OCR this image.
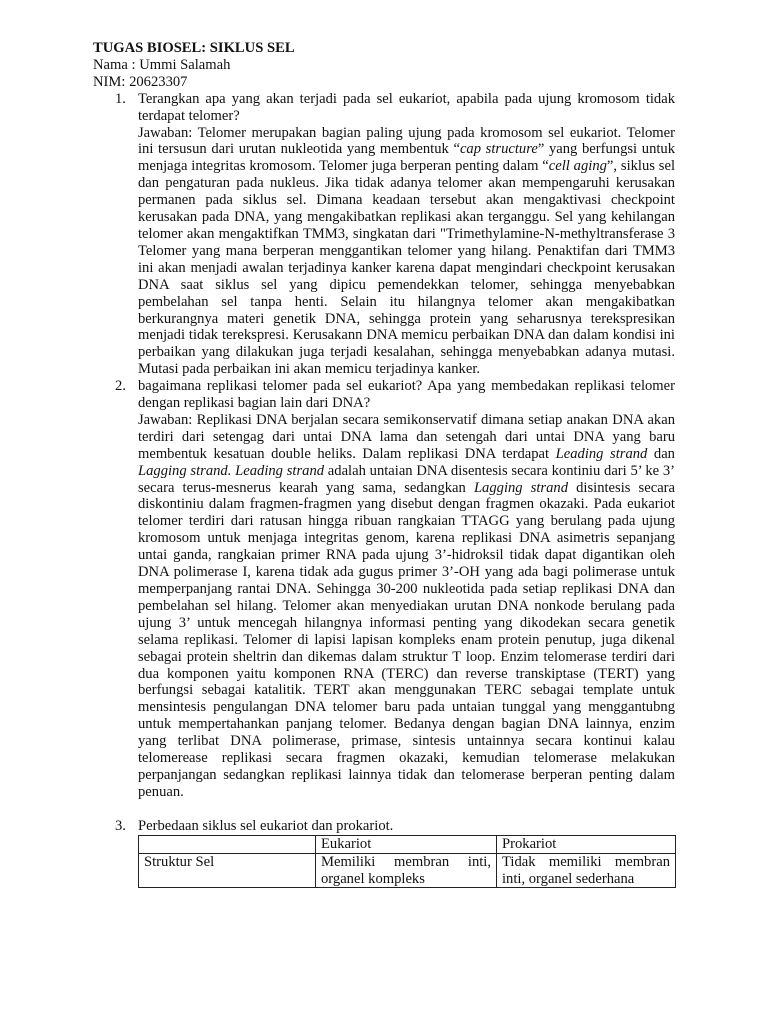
TUGAS BIOSEL: SIKLUS SEL
Nama : Ummi Salamah
NIM: 20623307
1. Terangkan apa yang akan terjadi pada sel eukariot, apabila pada ujung kromosom tidak terdapat telomer?
Jawaban: Telomer merupakan bagian paling ujung pada kromosom sel eukariot. Telomer ini tersusun dari urutan nukleotida yang membentuk “cap structure” yang berfungsi untuk menjaga integritas kromosom. Telomer juga berperan penting dalam “cell aging”, siklus sel dan pengaturan pada nukleus. Jika tidak adanya telomer akan mempengaruhi kerusakan permanen pada siklus sel. Dimana keadaan tersebut akan mengaktivasi checkpoint kerusakan pada DNA, yang mengakibatkan replikasi akan terganggu. Sel yang kehilangan telomer akan mengaktifkan TMM3, singkatan dari "Trimethylamine-N-methyltransferase 3 Telomer yang mana berperan menggantikan telomer yang hilang. Penaktifan dari TMM3 ini akan menjadi awalan terjadinya kanker karena dapat mengindari checkpoint kerusakan DNA saat siklus sel yang dipicu pemendekkan telomer, sehingga menyebabkan pembelahan sel tanpa henti. Selain itu hilangnya telomer akan mengakibatkan berkurangnya materi genetik DNA, sehingga protein yang seharusnya terekspresikan menjadi tidak terekspresi. Kerusakann DNA memicu perbaikan DNA dan dalam kondisi ini perbaikan yang dilakukan juga terjadi kesalahan, sehingga menyebabkan adanya mutasi. Mutasi pada perbaikan ini akan memicu terjadinya kanker.
2. bagaimana replikasi telomer pada sel eukariot? Apa yang membedakan replikasi telomer dengan replikasi bagian lain dari DNA?
Jawaban: Replikasi DNA berjalan secara semikonservatif dimana setiap anakan DNA akan terdiri dari setengag dari untai DNA lama dan setengah dari untai DNA yang baru membentuk kesatuan double heliks. Dalam replikasi DNA terdapat Leading strand dan Lagging strand. Leading strand adalah untaian DNA disentesis secara kontiniu dari 5’ ke 3’ secara terus-mesnerus kearah yang sama, sedangkan Lagging strand disintesis secara diskontiniu dalam fragmen-fragmen yang disebut dengan fragmen okazaki. Pada eukariot telomer terdiri dari ratusan hingga ribuan rangkaian TTAGG yang berulang pada ujung kromosom untuk menjaga integritas genom, karena replikasi DNA asimetris sepanjang untai ganda, rangkaian primer RNA pada ujung 3’-hidroksil tidak dapat digantikan oleh DNA polimerase I, karena tidak ada gugus primer 3’-OH yang ada bagi polimerase untuk memperpanjang rantai DNA. Sehingga 30-200 nukleotida pada setiap replikasi DNA dan pembelahan sel hilang. Telomer akan menyediakan urutan DNA nonkode berulang pada ujung 3’ untuk mencegah hilangnya informasi penting yang dikodekan secara genetik selama replikasi. Telomer di lapisi lapisan kompleks enam protein penutup, juga dikenal sebagai protein sheltrin dan dikemas dalam struktur T loop. Enzim telomerase terdiri dari dua komponen yaitu komponen RNA (TERC) dan reverse transkiptase (TERT) yang berfungsi sebagai katalitik. TERT akan menggunakan TERC sebagai template untuk mensintesis pengulangan DNA telomer baru pada untaian tunggal yang menggantubng untuk mempertahankan panjang telomer. Bedanya dengan bagian DNA lainnya, enzim yang terlibat DNA polimerase, primase, sintesis untainnya secara kontinui kalau telomerease replikasi secara fragmen okazaki, kemudian telomerase melakukan perpanjangan sedangkan replikasi lainnya tidak dan telomerase berperan penting dalam penuan.
3. Perbedaan siklus sel eukariot dan prokariot.
	Eukariot	Prokariot
Struktur Sel	Memiliki membran inti, organel kompleks	Tidak memiliki membran inti, organel sederhana
